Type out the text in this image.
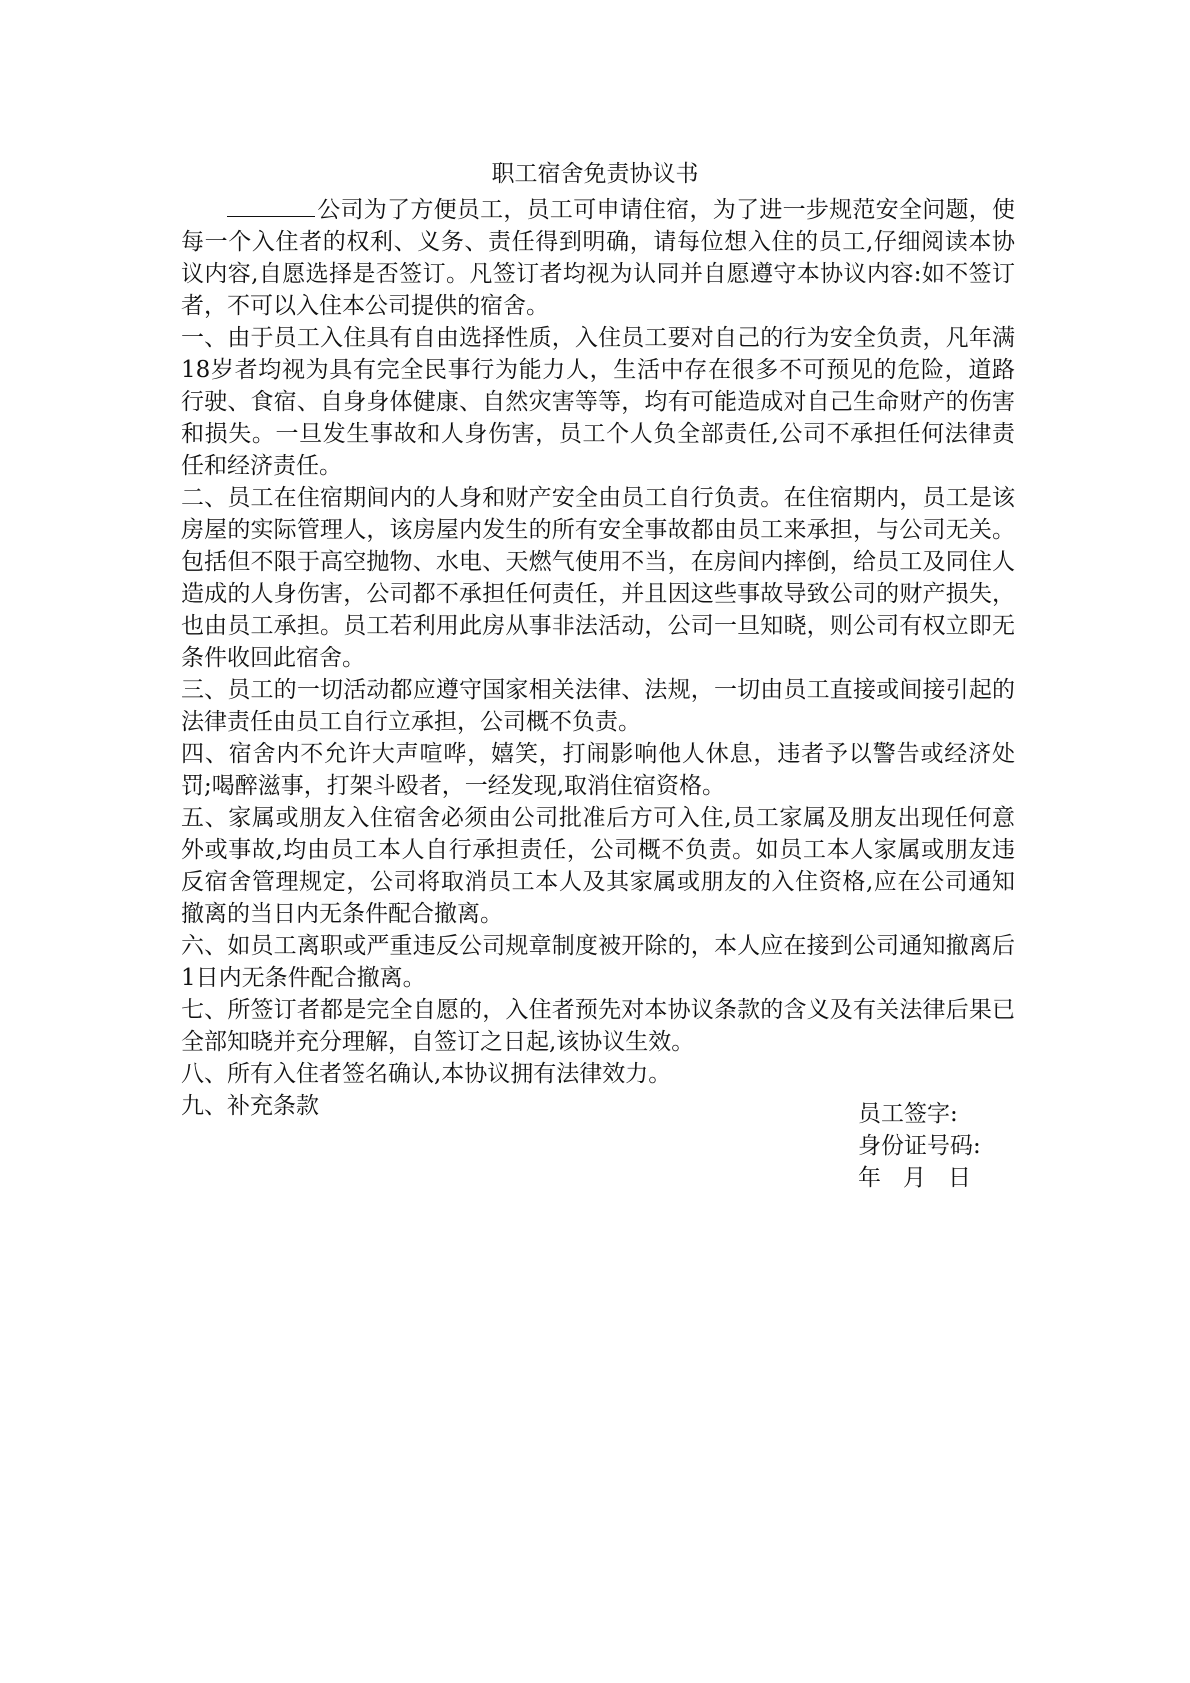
职工宿舍免责协议书

公司为了方便员工，员工可申请住宿，为了进一步规范安全问题，使每一个入住者的权利、义务、责任得到明确，请每位想入住的员工,仔细阅读本协议内容,自愿选择是否签订。凡签订者均视为认同并自愿遵守本协议内容:如不签订者，不可以入住本公司提供的宿舍。

一、由于员工入住具有自由选择性质，入住员工要对自己的行为安全负责，凡年满 18岁者均视为具有完全民事行为能力人，生活中存在很多不可预见的危险，道路行驶、食宿、自身身体健康、自然灾害等等，均有可能造成对自己生命财产的伤害和损失。一旦发生事故和人身伤害，员工个人负全部责任,公司不承担任何法律责任和经济责任。

二、员工在住宿期间内的人身和财产安全由员工自行负责。在住宿期内，员工是该房屋的实际管理人，该房屋内发生的所有安全事故都由员工来承担，与公司无关。包括但不限于高空抛物、水电、天燃气使用不当，在房间内摔倒，给员工及同住人造成的人身伤害，公司都不承担任何责任，并且因这些事故导致公司的财产损失，也由员工承担。员工若利用此房从事非法活动，公司一旦知晓，则公司有权立即无条件收回此宿舍。

三、员工的一切活动都应遵守国家相关法律、法规，一切由员工直接或间接引起的法律责任由员工自行立承担，公司概不负责。

四、宿舍内不允许大声喧哗，嬉笑，打闹影响他人休息，违者予以警告或经济处罚;喝醉滋事，打架斗殴者，一经发现,取消住宿资格。

五、家属或朋友入住宿舍必须由公司批准后方可入住,员工家属及朋友出现任何意外或事故,均由员工本人自行承担责任，公司概不负责。如员工本人家属或朋友违反宿舍管理规定，公司将取消员工本人及其家属或朋友的入住资格,应在公司通知撤离的当日内无条件配合撤离。

六、如员工离职或严重违反公司规章制度被开除的，本人应在接到公司通知撤离后 1日内无条件配合撤离。

七、所签订者都是完全自愿的，入住者预先对本协议条款的含义及有关法律后果已全部知晓并充分理解，自签订之日起,该协议生效。

八、所有入住者签名确认,本协议拥有法律效力。

九、补充条款	员工签字:
身份证号码:
年 月 日
